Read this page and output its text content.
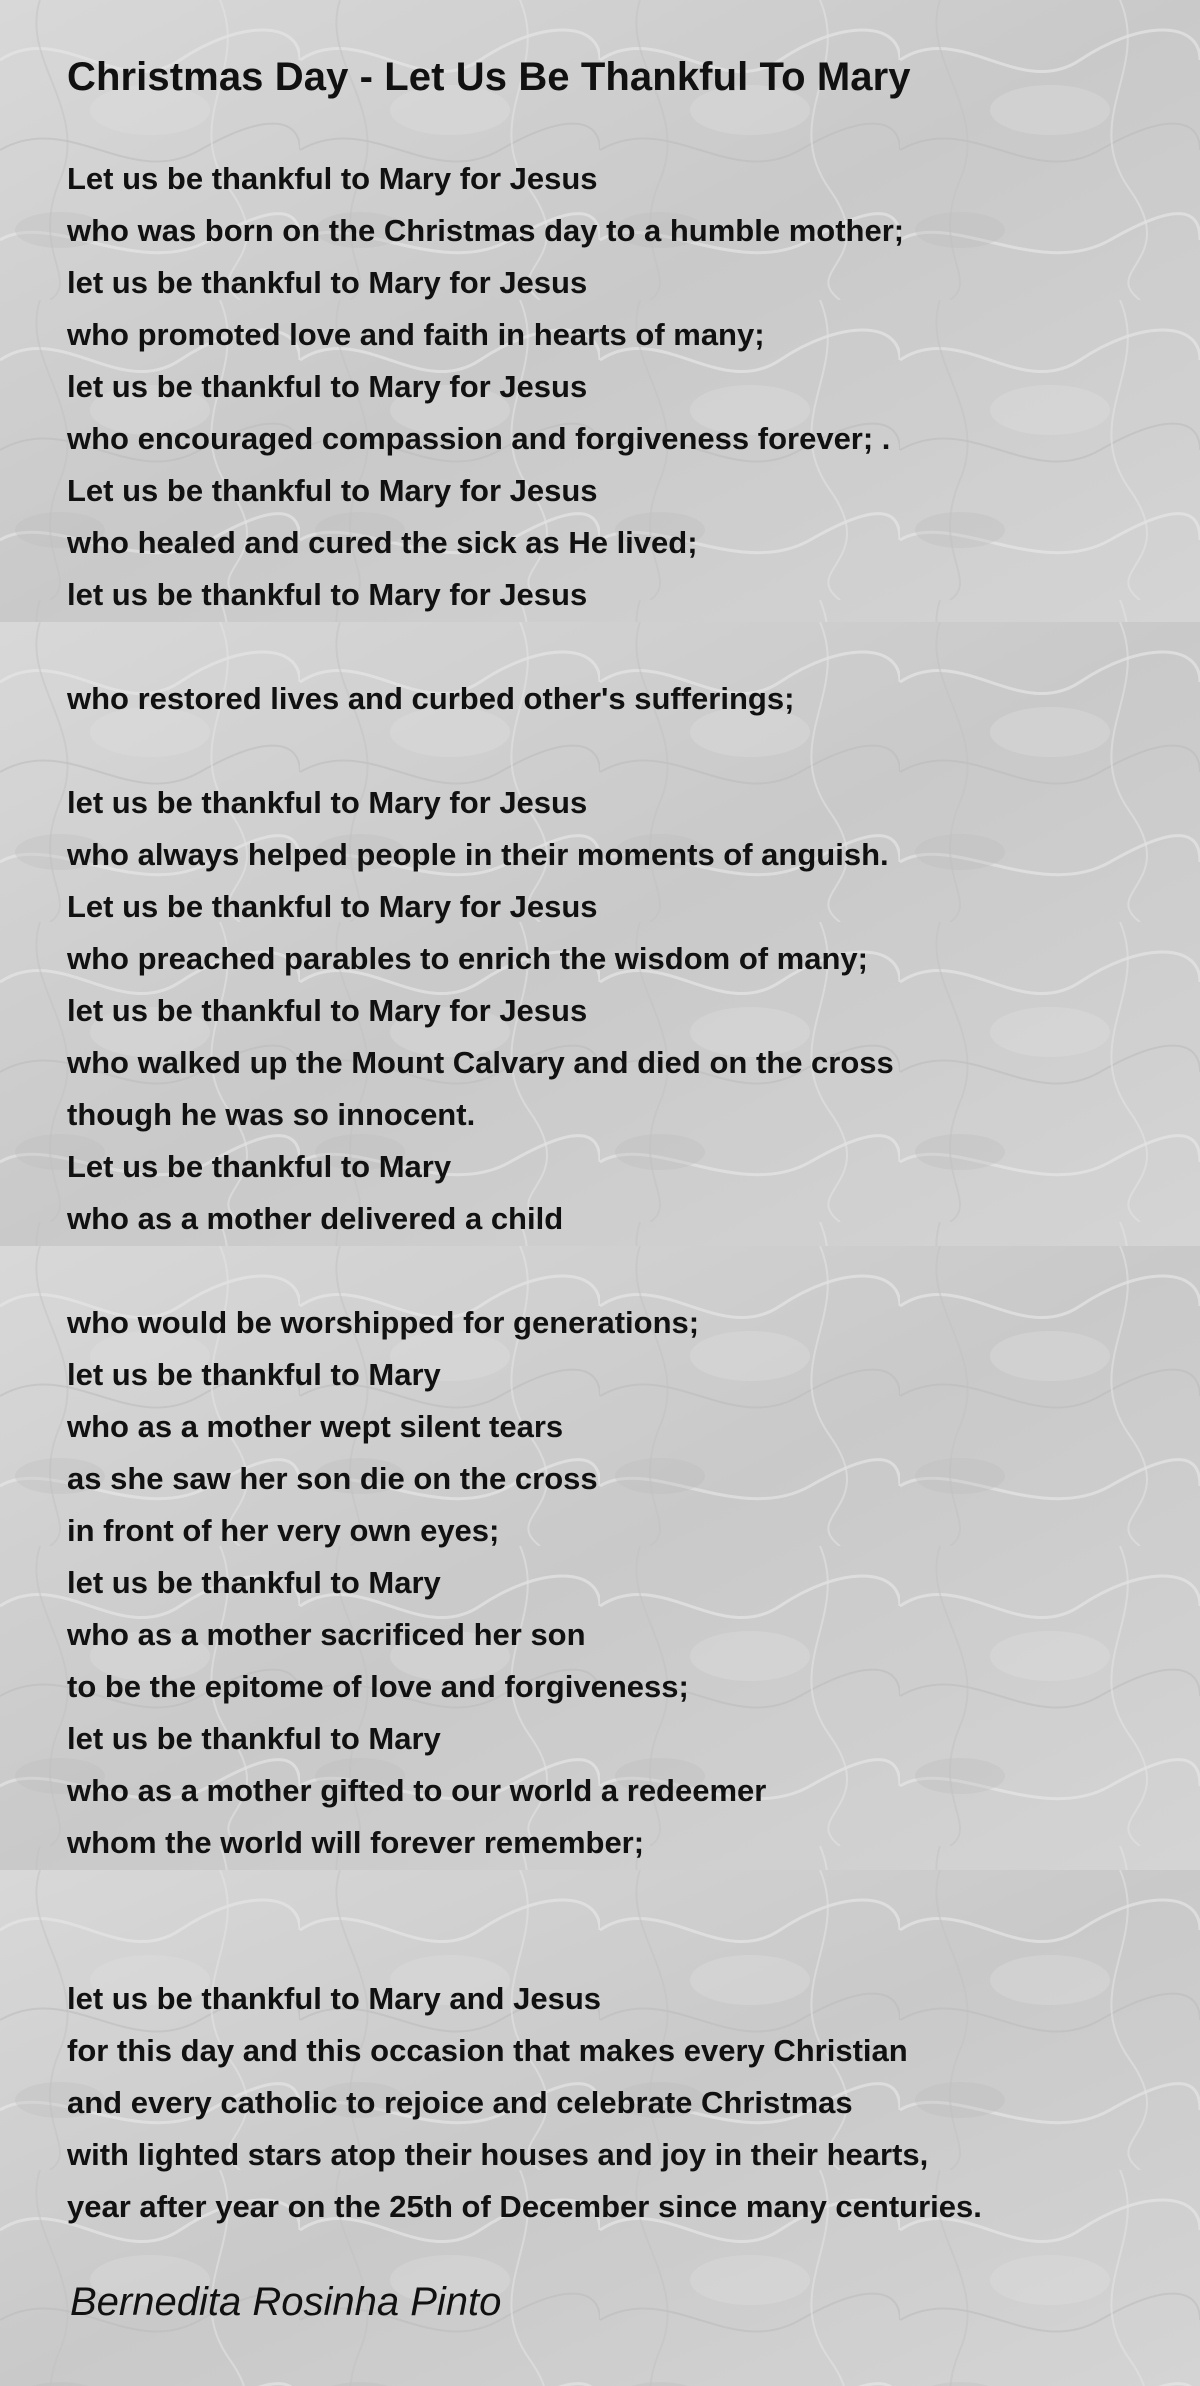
Christmas Day - Let Us Be Thankful To Mary
Let us be thankful to Mary for Jesus
who was born on the Christmas day to a humble mother;
let us be thankful to Mary for Jesus
who promoted love and faith in hearts of many;
let us be thankful to Mary for Jesus
who encouraged compassion and forgiveness forever; .
Let us be thankful to Mary for Jesus
who healed and cured the sick as He lived;
let us be thankful to Mary for Jesus
who restored lives and curbed other's sufferings;
let us be thankful to Mary for Jesus
who always helped people in their moments of anguish.
Let us be thankful to Mary for Jesus
who preached parables to enrich the wisdom of many;
let us be thankful to Mary for Jesus
who walked up the Mount Calvary and died on the cross
though he was so innocent.
Let us be thankful to Mary
who as a mother delivered a child
who would be worshipped for generations;
let us be thankful to Mary
who as a mother wept silent tears
as she saw her son die on the cross
in front of her very own eyes;
let us be thankful to Mary
who as a mother sacrificed her son
to be the epitome of love and forgiveness;
let us be thankful to Mary
who as a mother gifted to our world a redeemer
whom the world will forever remember;
let us be thankful to Mary and Jesus
for this day and this occasion that makes every Christian
and every catholic to rejoice and celebrate Christmas
with lighted stars atop their houses and joy in their hearts,
year after year on the 25th of December since many centuries.
Bernedita Rosinha Pinto
